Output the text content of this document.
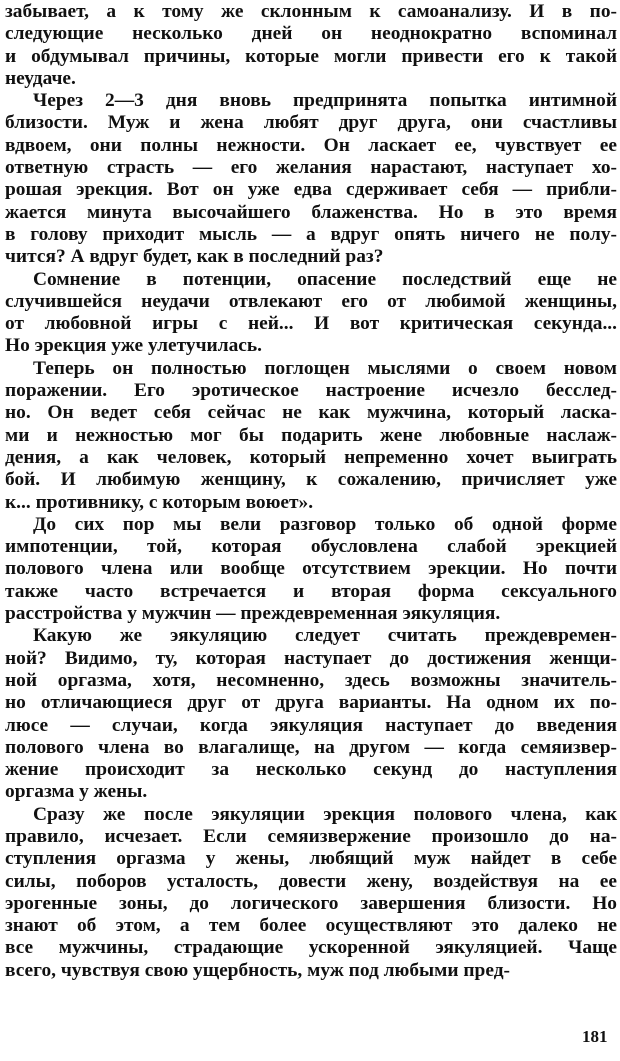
забывает, а к тому же склонным к самоанализу. И в по-
следующие несколько дней он неоднократно вспоминал
и обдумывал причины, которые могли привести его к такой
неудаче.
Через 2—3 дня вновь предпринята попытка интимной
близости. Муж и жена любят друг друга, они счастливы
вдвоем, они полны нежности. Он ласкает ее, чувствует ее
ответную страсть — его желания нарастают, наступает хо-
рошая эрекция. Вот он уже едва сдерживает себя — прибли-
жается минута высочайшего блаженства. Но в это время
в голову приходит мысль — а вдруг опять ничего не полу-
чится? А вдруг будет, как в последний раз?
Сомнение в потенции, опасение последствий еще не
случившейся неудачи отвлекают его от любимой женщины,
от любовной игры с ней... И вот критическая секунда...
Но эрекция уже улетучилась.
Теперь он полностью поглощен мыслями о своем новом
поражении. Его эротическое настроение исчезло бесслед-
но. Он ведет себя сейчас не как мужчина, который ласка-
ми и нежностью мог бы подарить жене любовные наслаж-
дения, а как человек, который непременно хочет выиграть
бой. И любимую женщину, к сожалению, причисляет уже
к... противнику, с которым воюет».
До сих пор мы вели разговор только об одной форме
импотенции, той, которая обусловлена слабой эрекцией
полового члена или вообще отсутствием эрекции. Но почти
также часто встречается и вторая форма сексуального
расстройства у мужчин — преждевременная эякуляция.
Какую же эякуляцию следует считать преждевремен-
ной? Видимо, ту, которая наступает до достижения женщи-
ной оргазма, хотя, несомненно, здесь возможны значитель-
но отличающиеся друг от друга варианты. На одном их по-
люсе — случаи, когда эякуляция наступает до введения
полового члена во влагалище, на другом — когда семяизвер-
жение происходит за несколько секунд до наступления
оргазма у жены.
Сразу же после эякуляции эрекция полового члена, как
правило, исчезает. Если семяизвержение произошло до на-
ступления оргазма у жены, любящий муж найдет в себе
силы, поборов усталость, довести жену, воздействуя на ее
эрогенные зоны, до логического завершения близости. Но
знают об этом, а тем более осуществляют это далеко не
все мужчины, страдающие ускоренной эякуляцией. Чаще
всего, чувствуя свою ущербность, муж под любыми пред-
181
